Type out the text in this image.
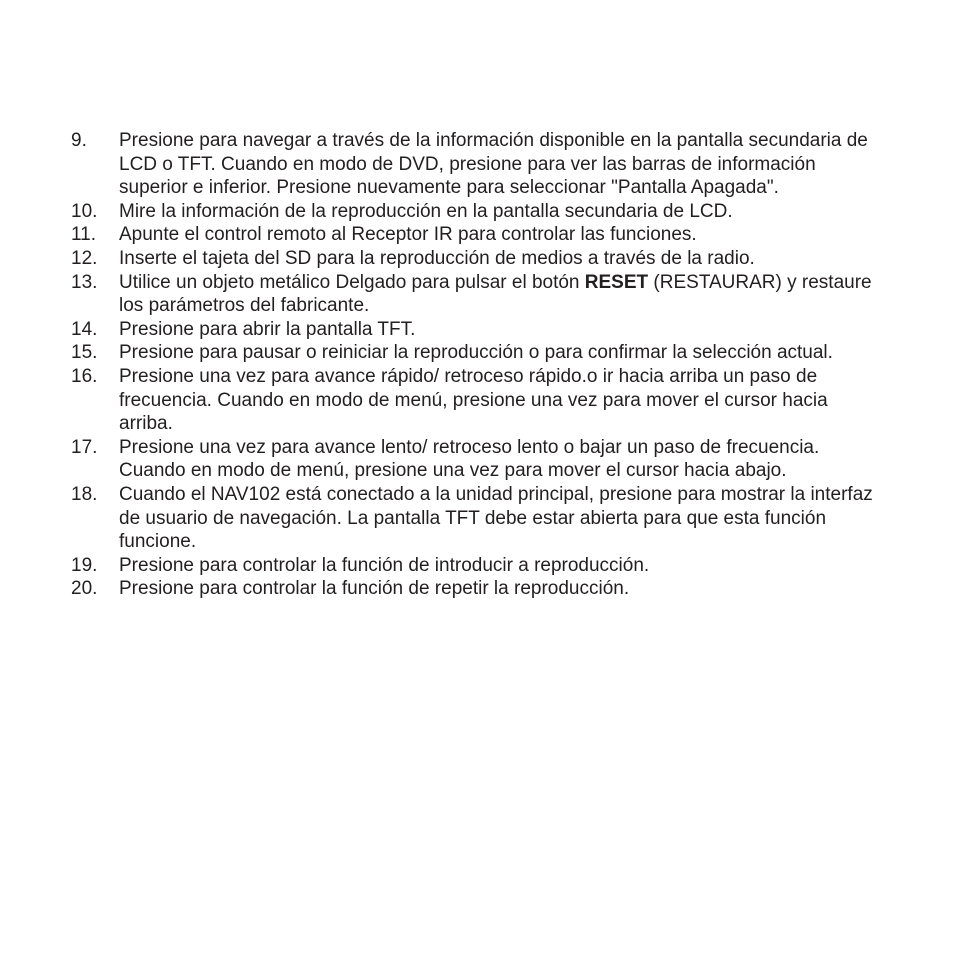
9.	Presione para navegar a través de la información disponible en la pantalla secundaria de LCD o TFT. Cuando en modo de DVD, presione para ver las barras de información superior e inferior. Presione nuevamente para seleccionar "Pantalla Apagada".
10.	Mire la información de la reproducción en la pantalla secundaria de LCD.
11.	Apunte el control remoto al Receptor IR para controlar las funciones.
12.	Inserte el tajeta del SD para la reproducción de medios a través de la radio.
13.	Utilice un objeto metálico Delgado para pulsar el botón RESET (RESTAURAR) y restaure los parámetros del fabricante.
14.	Presione para abrir la pantalla TFT.
15.	Presione para pausar o reiniciar la reproducción o para confirmar la selección actual.
16.	Presione una vez para avance rápido/ retroceso rápido.o ir hacia arriba un paso de frecuencia. Cuando en modo de menú, presione una vez para mover el cursor hacia arriba.
17.	Presione una vez para avance lento/ retroceso lento o bajar un paso de frecuencia. Cuando en modo de menú, presione una vez para mover el cursor hacia abajo.
18.	Cuando el NAV102 está conectado a la unidad principal, presione para mostrar la interfaz de usuario de navegación. La pantalla TFT debe estar abierta para que esta función funcione.
19.	Presione para controlar la función de introducir a reproducción.
20.	Presione para controlar la función de repetir la reproducción.
